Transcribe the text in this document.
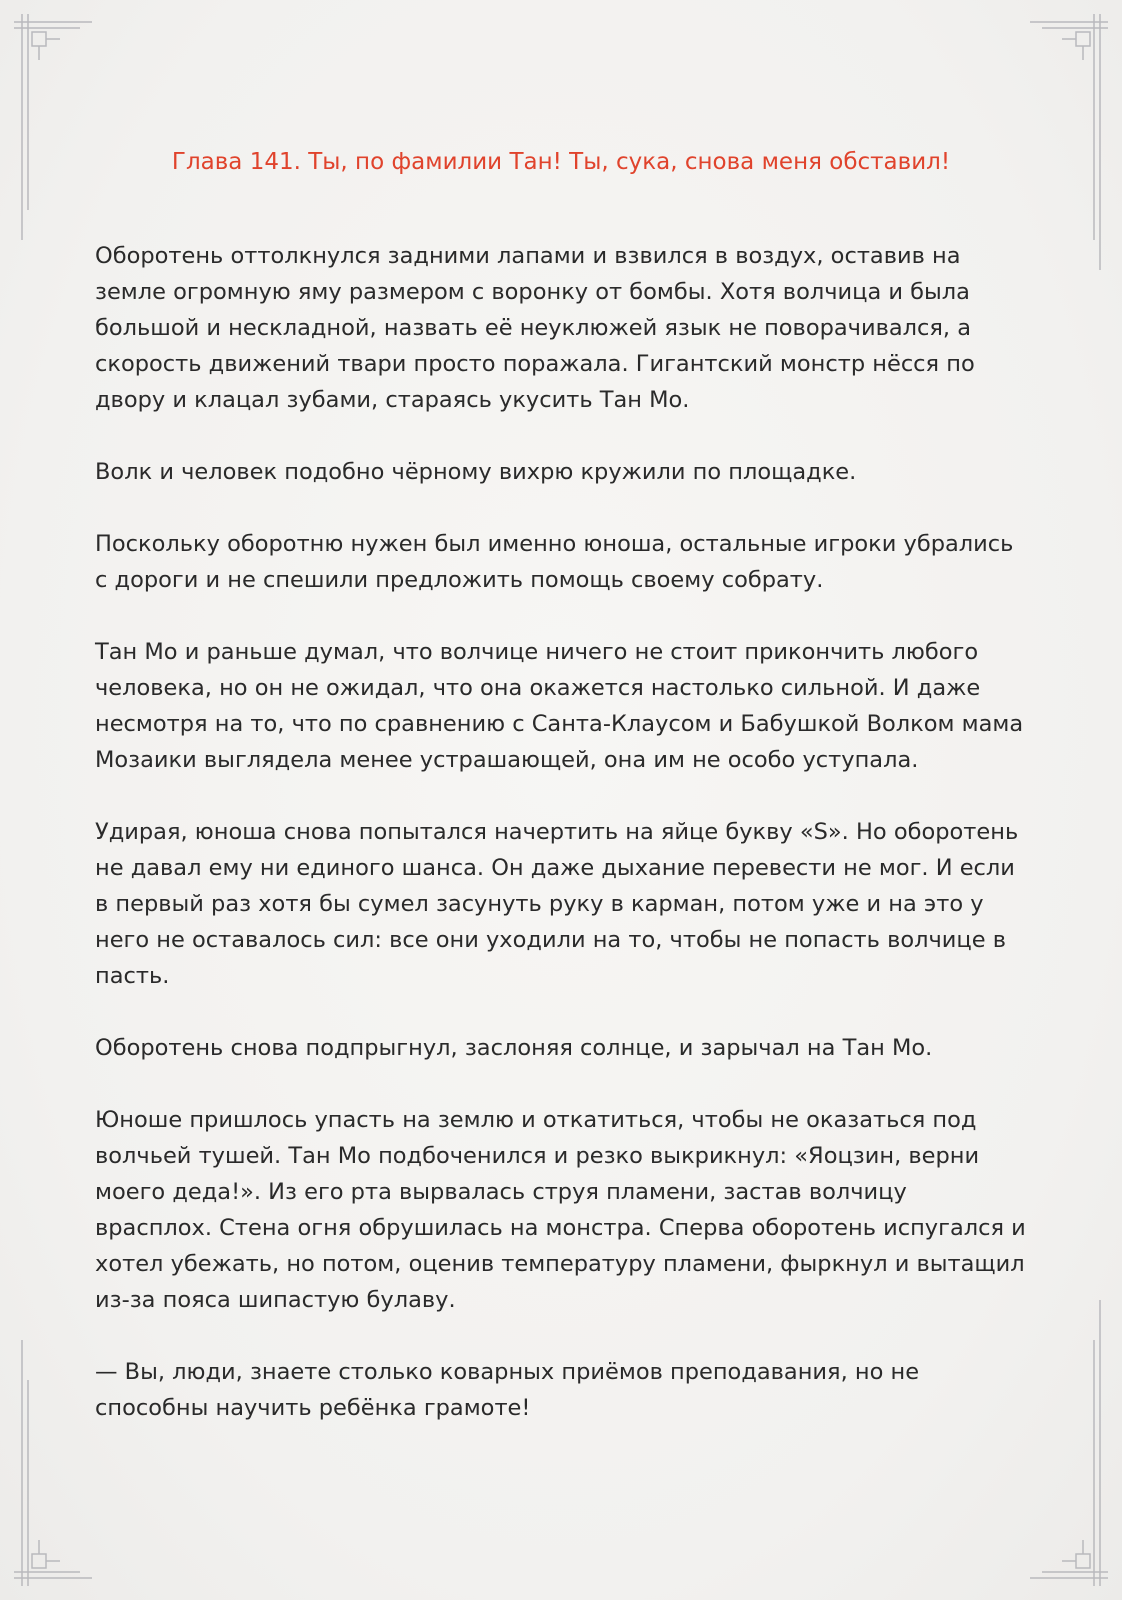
Глава 141. Ты, по фамилии Тан! Ты, сука, снова меня обставил!

Оборотень оттолкнулся задними лапами и взвился в воздух, оставив на земле огромную яму размером с воронку от бомбы. Хотя волчица и была большой и нескладной, назвать её неуклюжей язык не поворачивался, а скорость движений твари просто поражала. Гигантский монстр нёсся по двору и клацал зубами, стараясь укусить Тан Мо.

Волк и человек подобно чёрному вихрю кружили по площадке.

Поскольку оборотню нужен был именно юноша, остальные игроки убрались с дороги и не спешили предложить помощь своему собрату.

Тан Мо и раньше думал, что волчице ничего не стоит прикончить любого человека, но он не ожидал, что она окажется настолько сильной. И даже несмотря на то, что по сравнению с Санта-Клаусом и Бабушкой Волком мама Мозаики выглядела менее устрашающей, она им не особо уступала.

Удирая, юноша снова попытался начертить на яйце букву «S». Но оборотень не давал ему ни единого шанса. Он даже дыхание перевести не мог. И если в первый раз хотя бы сумел засунуть руку в карман, потом уже и на это у него не оставалось сил: все они уходили на то, чтобы не попасть волчице в пасть.

Оборотень снова подпрыгнул, заслоняя солнце, и зарычал на Тан Мо.

Юноше пришлось упасть на землю и откатиться, чтобы не оказаться под волчьей тушей. Тан Мо подбоченился и резко выкрикнул: «Яоцзин, верни моего деда!». Из его рта вырвалась струя пламени, застав волчицу врасплох. Стена огня обрушилась на монстра. Сперва оборотень испугался и хотел убежать, но потом, оценив температуру пламени, фыркнул и вытащил из-за пояса шипастую булаву.

— Вы, люди, знаете столько коварных приёмов преподавания, но не способны научить ребёнка грамоте!
